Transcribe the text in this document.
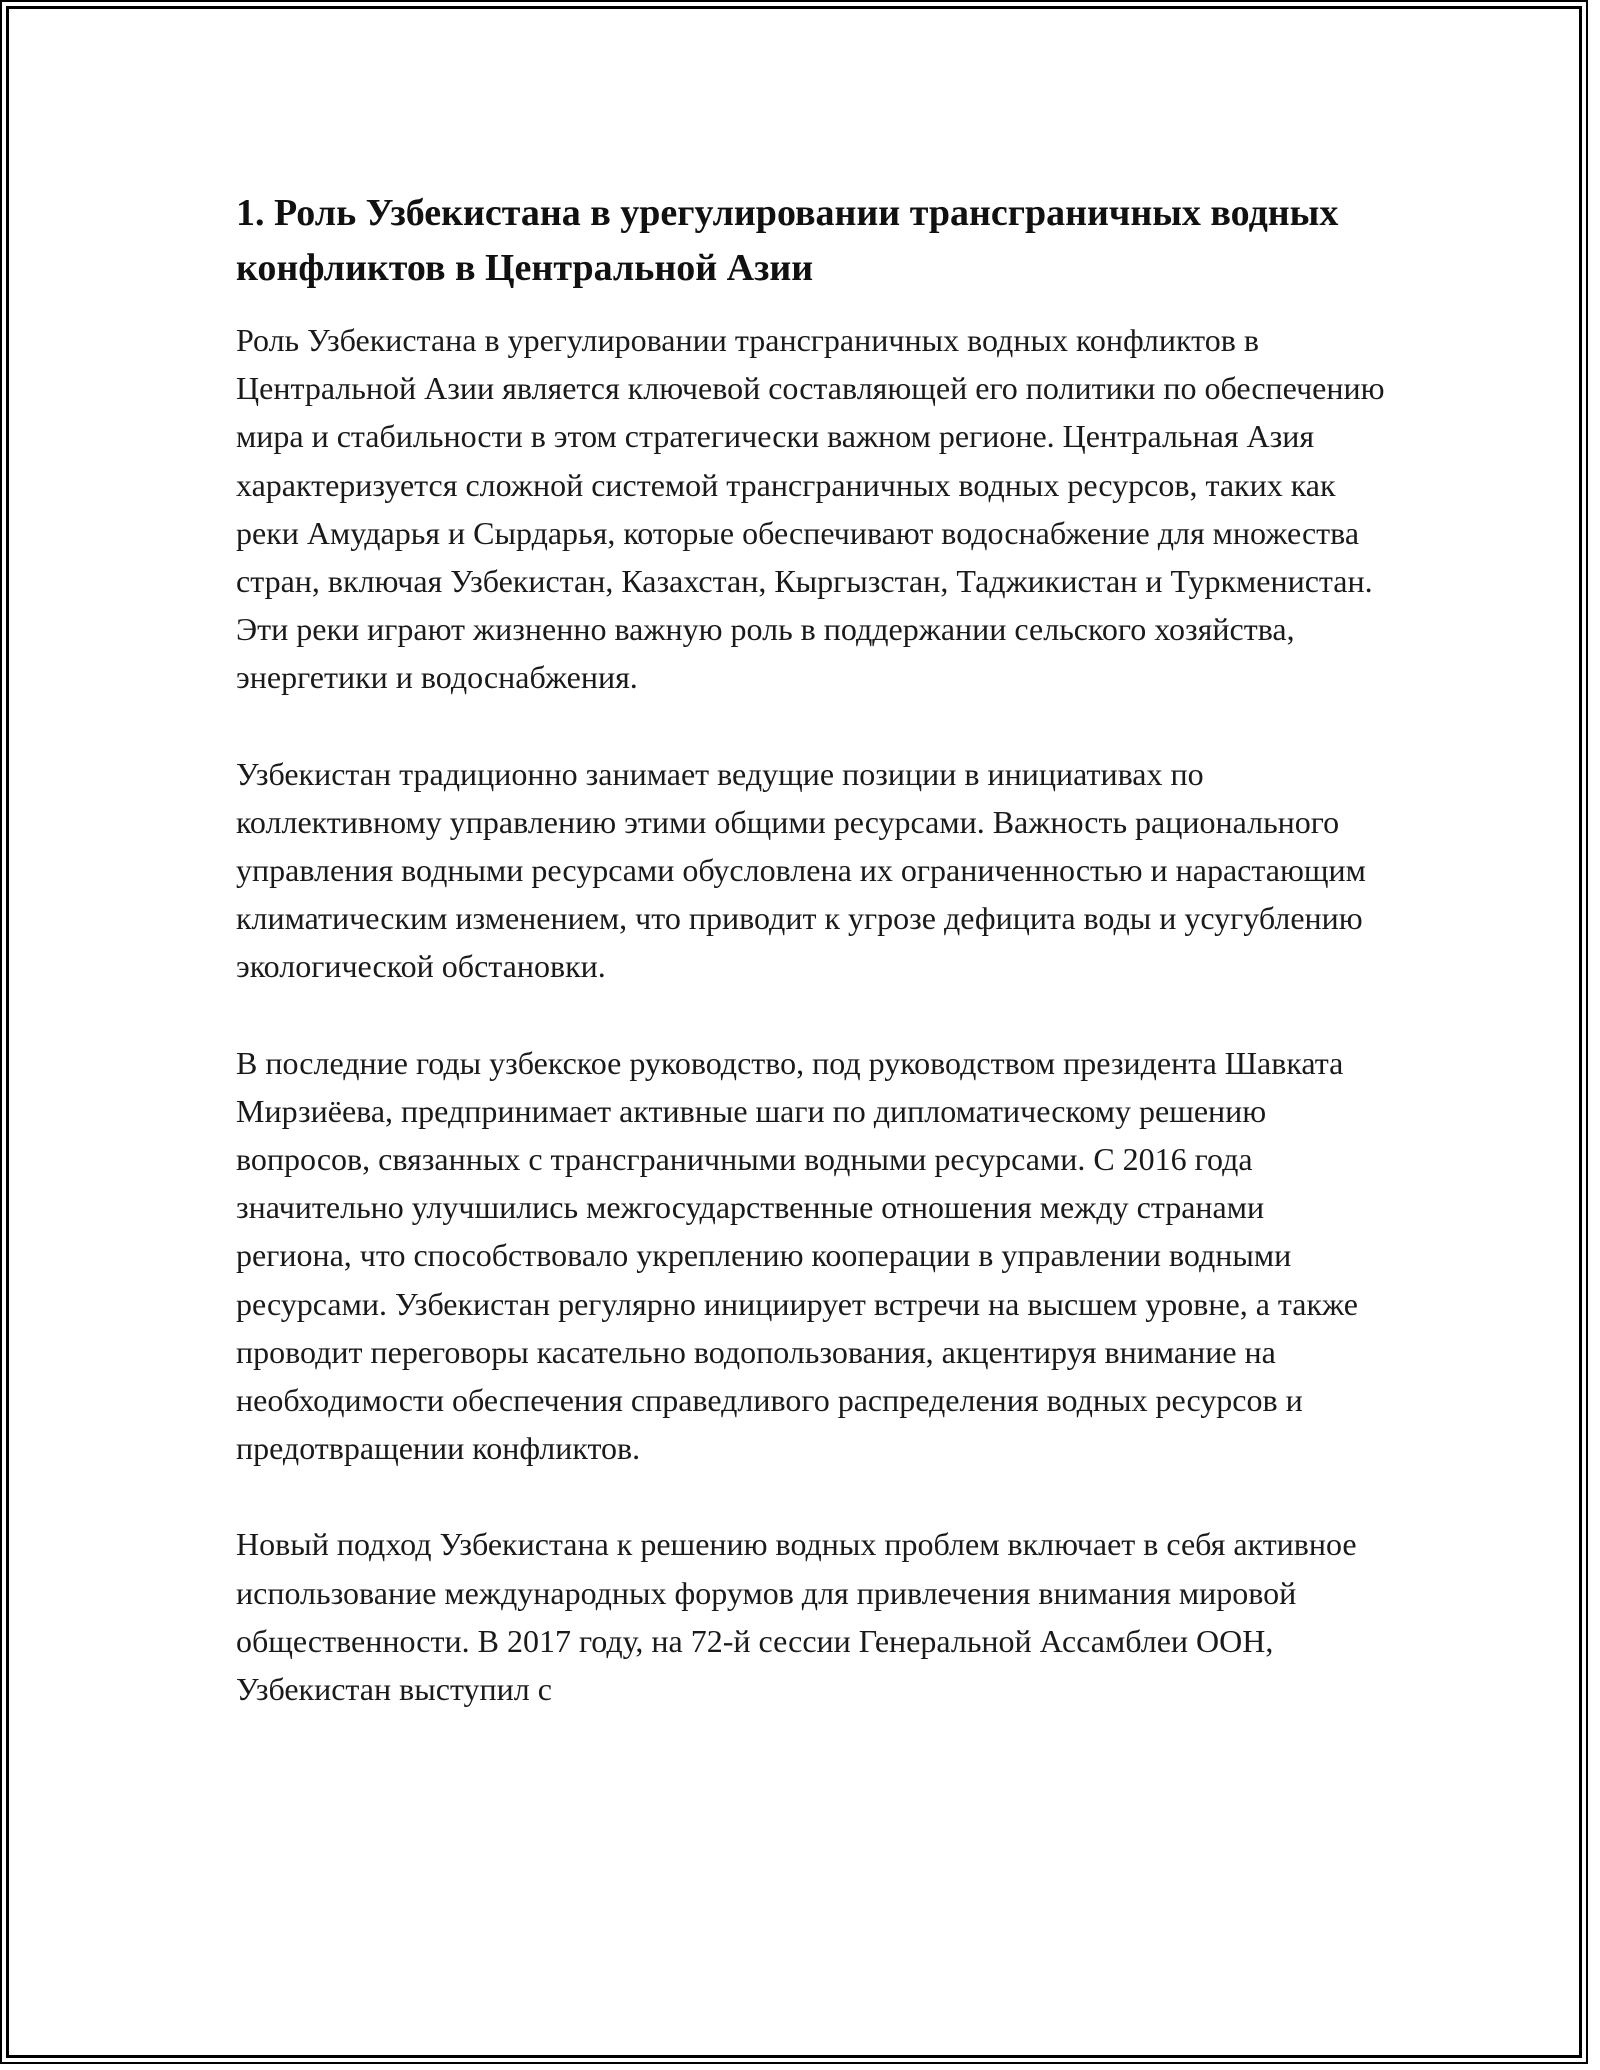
1. Роль Узбекистана в урегулировании трансграничных водных конфликтов в Центральной Азии

Роль Узбекистана в урегулировании трансграничных водных конфликтов в Центральной Азии является ключевой составляющей его политики по обеспечению мира и стабильности в этом стратегически важном регионе. Центральная Азия характеризуется сложной системой трансграничных водных ресурсов, таких как реки Амударья и Сырдарья, которые обеспечивают водоснабжение для множества стран, включая Узбекистан, Казахстан, Кыргызстан, Таджикистан и Туркменистан. Эти реки играют жизненно важную роль в поддержании сельского хозяйства, энергетики и водоснабжения.

Узбекистан традиционно занимает ведущие позиции в инициативах по коллективному управлению этими общими ресурсами. Важность рационального управления водными ресурсами обусловлена их ограниченностью и нарастающим климатическим изменением, что приводит к угрозе дефицита воды и усугублению экологической обстановки.

В последние годы узбекское руководство, под руководством президента Шавката Мирзиёева, предпринимает активные шаги по дипломатическому решению вопросов, связанных с трансграничными водными ресурсами. С 2016 года значительно улучшились межгосударственные отношения между странами региона, что способствовало укреплению кооперации в управлении водными ресурсами. Узбекистан регулярно инициирует встречи на высшем уровне, а также проводит переговоры касательно водопользования, акцентируя внимание на необходимости обеспечения справедливого распределения водных ресурсов и предотвращении конфликтов.

Новый подход Узбекистана к решению водных проблем включает в себя активное использование международных форумов для привлечения внимания мировой общественности. В 2017 году, на 72-й сессии Генеральной Ассамблеи ООН, Узбекистан выступил с
